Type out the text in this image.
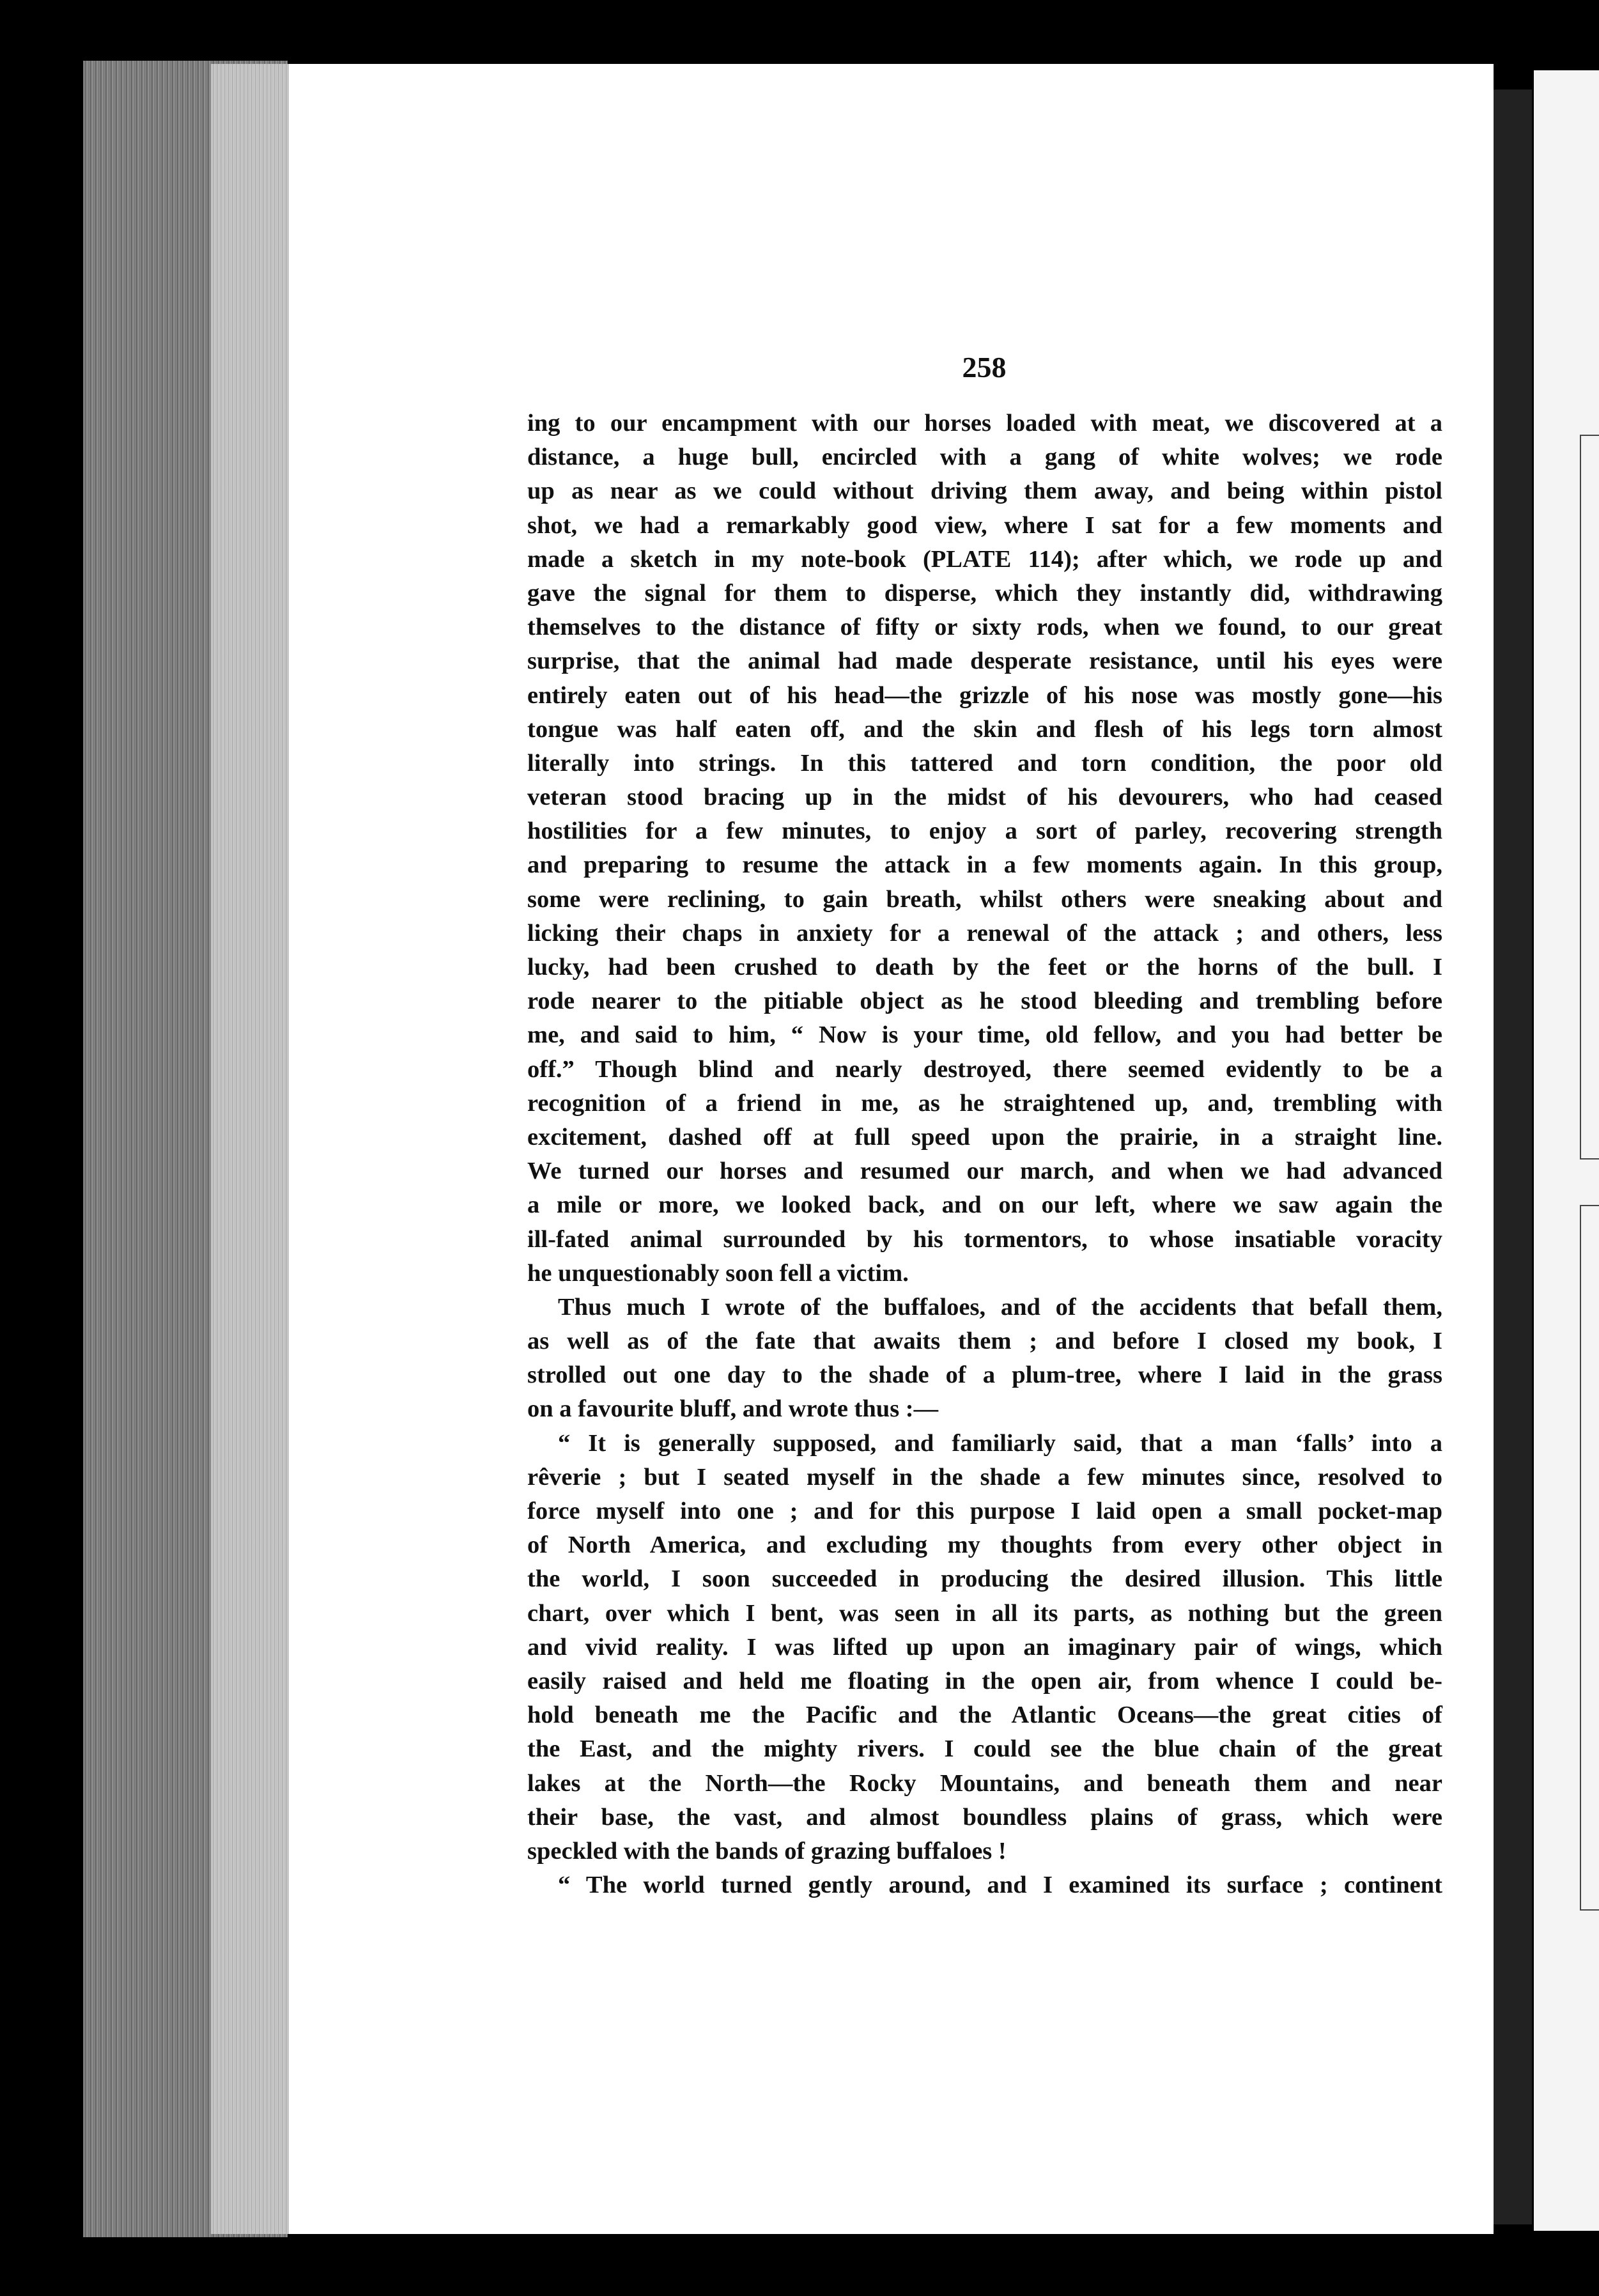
258
ing to our encampment with our horses loaded with meat, we discovered at a
distance, a huge bull, encircled with a gang of white wolves; we rode
up as near as we could without driving them away, and being within pistol
shot, we had a remarkably good view, where I sat for a few moments and
made a sketch in my note-book (PLATE 114); after which, we rode up and
gave the signal for them to disperse, which they instantly did, withdrawing
themselves to the distance of fifty or sixty rods, when we found, to our great
surprise, that the animal had made desperate resistance, until his eyes were
entirely eaten out of his head—the grizzle of his nose was mostly gone—his
tongue was half eaten off, and the skin and flesh of his legs torn almost
literally into strings. In this tattered and torn condition, the poor old
veteran stood bracing up in the midst of his devourers, who had ceased
hostilities for a few minutes, to enjoy a sort of parley, recovering strength
and preparing to resume the attack in a few moments again. In this group,
some were reclining, to gain breath, whilst others were sneaking about and
licking their chaps in anxiety for a renewal of the attack ; and others, less
lucky, had been crushed to death by the feet or the horns of the bull. I
rode nearer to the pitiable object as he stood bleeding and trembling before
me, and said to him, “ Now is your time, old fellow, and you had better be
off.” Though blind and nearly destroyed, there seemed evidently to be a
recognition of a friend in me, as he straightened up, and, trembling with
excitement, dashed off at full speed upon the prairie, in a straight line.
We turned our horses and resumed our march, and when we had advanced
a mile or more, we looked back, and on our left, where we saw again the
ill-fated animal surrounded by his tormentors, to whose insatiable voracity
he unquestionably soon fell a victim.
Thus much I wrote of the buffaloes, and of the accidents that befall them,
as well as of the fate that awaits them ; and before I closed my book, I
strolled out one day to the shade of a plum-tree, where I laid in the grass
on a favourite bluff, and wrote thus :—
“ It is generally supposed, and familiarly said, that a man ‘falls’ into a
rêverie ; but I seated myself in the shade a few minutes since, resolved to
force myself into one ; and for this purpose I laid open a small pocket-map
of North America, and excluding my thoughts from every other object in
the world, I soon succeeded in producing the desired illusion. This little
chart, over which I bent, was seen in all its parts, as nothing but the green
and vivid reality. I was lifted up upon an imaginary pair of wings, which
easily raised and held me floating in the open air, from whence I could be-
hold beneath me the Pacific and the Atlantic Oceans—the great cities of
the East, and the mighty rivers. I could see the blue chain of the great
lakes at the North—the Rocky Mountains, and beneath them and near
their base, the vast, and almost boundless plains of grass, which were
speckled with the bands of grazing buffaloes !
“ The world turned gently around, and I examined its surface ; continent
